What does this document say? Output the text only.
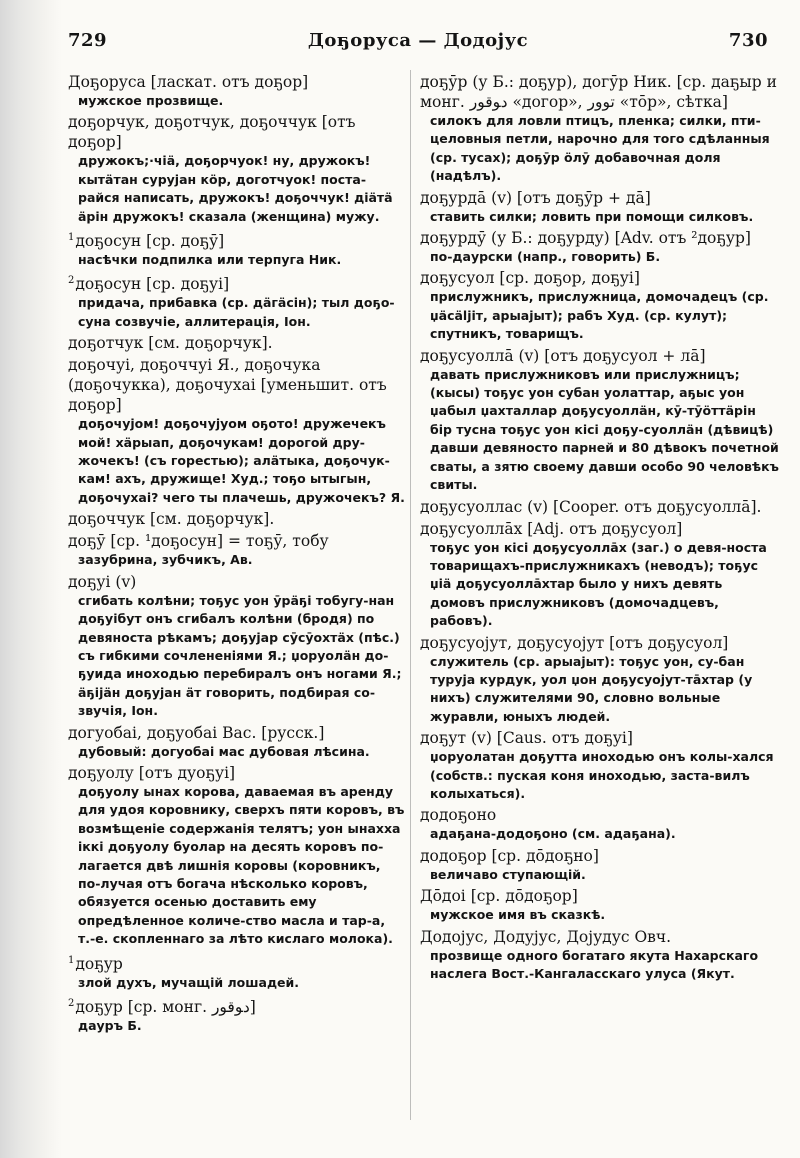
729	Доҕоруса — Додоjус	730
Доҕоруса [ласкат. отъ доҕор]
мужское прозвище.
доҕорчук, доҕотчук, доҕоччук [отъ доҕор]
дружокъ;·чiä, доҕорчуок! ну, дружокъ! кытäтан суруjан кöр, доготчуок! поста-райся написать, дружокъ! доҕоччук! дiäтä äрiн дружокъ! сказала (женщина) мужу.
$^1$доҕосун [ср. доҕӯ]
насѣчки подпилка или терпуга Ник.
$^2$доҕосун [ср. доҕуi]
придача, прибавка (ср. дäгäсiн); тыл доҕо-суна созвучiе, аллитерацiя, Iон.
доҕотчук [см. доҕорчук].
доҕочуi, доҕоччуi Я., доҕочука (доҕочукка), доҕочухаi [уменьшит. отъ доҕор]
доҕочуjом! доҕочуjуом оҕото! дружечекъ мой! хäрыап, доҕочукам! дорогой дру-жочекъ! (съ горестью); алäтыка, доҕочук-кам! ахъ, дружище! Худ.; тоҕо ытыгын, доҕочухаi? чего ты плачешь, дружочекъ? Я.
доҕоччук [см. доҕорчук].
доҕӯ [ср. ¹доҕосун] = тоҕӯ, тобу
зазубрина, зубчикъ, Ав.
доҕуi (v)
сгибать колѣни; тоҕус уон ӯрäҕi тобугу-нан доҕуiбут онъ сгибалъ колѣни (бродя) по девяноста рѣкамъ; доҕуjар сӯсӯохтäх (пѣс.) съ гибкими сочлененiями Я.; џоруолäн до-ҕуида иноходью перебиралъ онъ ногами Я.; äҕijäн доҕуjан äт говорить, подбирая со-звучiя, Iон.
догуобаi, доҕуобаi Вас. [русск.]
дубовый: догуобаi мас дубовая лѣсина.
доҕуолу [отъ дуоҕуi]
доҕуолу ынах корова, даваемая въ аренду для удоя коровнику, сверхъ пяти коровъ, въ возмѣщенiе содержанiя телятъ; уон ынахха iккi доҕуолу буолар на десять коровъ по-лагается двѣ лишнiя коровы (коровникъ, по-лучая отъ богача нѣсколько коровъ, обязуется осенью доставить ему опредѣленное количе-ство масла и тар-а, т.-е. скопленнаго за лѣто кислаго молока).
$^1$доҕур
злой духъ, мучащiй лошадей.
$^2$доҕур [ср. монг. ﺩﻮﻗﻮﺭ]
дауръ Б.
доҕӯр (у Б.: доҕур), догӯр Ник. [ср. даҕыр и монг. ﺩﻮﻗﻮﺭ «догор», ﺗﻮﻭﺭ «тōр», сѣтка]
силокъ для ловли птицъ, пленка; силки, пти-целовныя петли, нарочно для того сдѣланныя (ср. тусах); доҕӯр öлӯ добавочная доля (надѣлъ).
доҕурдā (v) [отъ доҕӯр + дā]
ставить силки; ловить при помощи силковъ.
доҕурдӯ (у Б.: доҕурду) [Adv. отъ ²доҕур]
по-даурски (напр., говорить) Б.
доҕусуол [ср. доҕор, доҕуi]
прислужникъ, прислужница, домочадецъ (ср. џäсäljiт, арыаjыт); рабъ Худ. (ср. кулут); спутникъ, товарищъ.
доҕусуоллā (v) [отъ доҕусуол + лā]
давать прислужниковъ или прислужницъ; (кысы) тоҕус уон субан уолаттар, аҕыс уон џабыл џахталлар доҕусуоллäн, кӯ-тӯöттäрiн бiр тусна тоҕус уон кiсi доҕу-суоллäн (дѣвицѣ) давши девяносто парней и 80 дѣвокъ почетной сваты, а зятю своему давши особо 90 человѣкъ свиты.
доҕусуоллас (v) [Cooper. отъ доҕусуоллā].
доҕусуоллāх [Adj. отъ доҕусуол]
тоҕус уон кiсi доҕусуоллāх (заг.) о девя-носта товарищахъ-прислужникахъ (неводъ); тоҕус џiä доҕусуоллāхтар было у нихъ девять домовъ прислужниковъ (домочадцевъ, рабовъ).
доҕусуоjут, доҕусуоjут [отъ доҕусуол]
служитель (ср. арыаjыт): тоҕус уон, су-бан туруjа курдук, уол џон доҕусуоjут-тāхтар (у нихъ) служителями 90, словно вольные журавли, юныхъ людей.
доҕут (v) [Caus. отъ доҕуi]
џоруолатан доҕутта иноходью онъ колы-хался (собств.: пуская коня иноходью, заста-вилъ колыхаться).
додоҕоно
адаҕана-додоҕоно (см. адаҕана).
додоҕор [ср. дōдоҕно]
величаво ступающiй.
Дōдоi [ср. дōдоҕор]
мужское имя въ сказкѣ.
Додоjус, Додуjус, Доjудус Овч.
прозвище одного богатаго якута Нахарскаго наслега Вост.-Кангаласскаго улуса (Якут.
